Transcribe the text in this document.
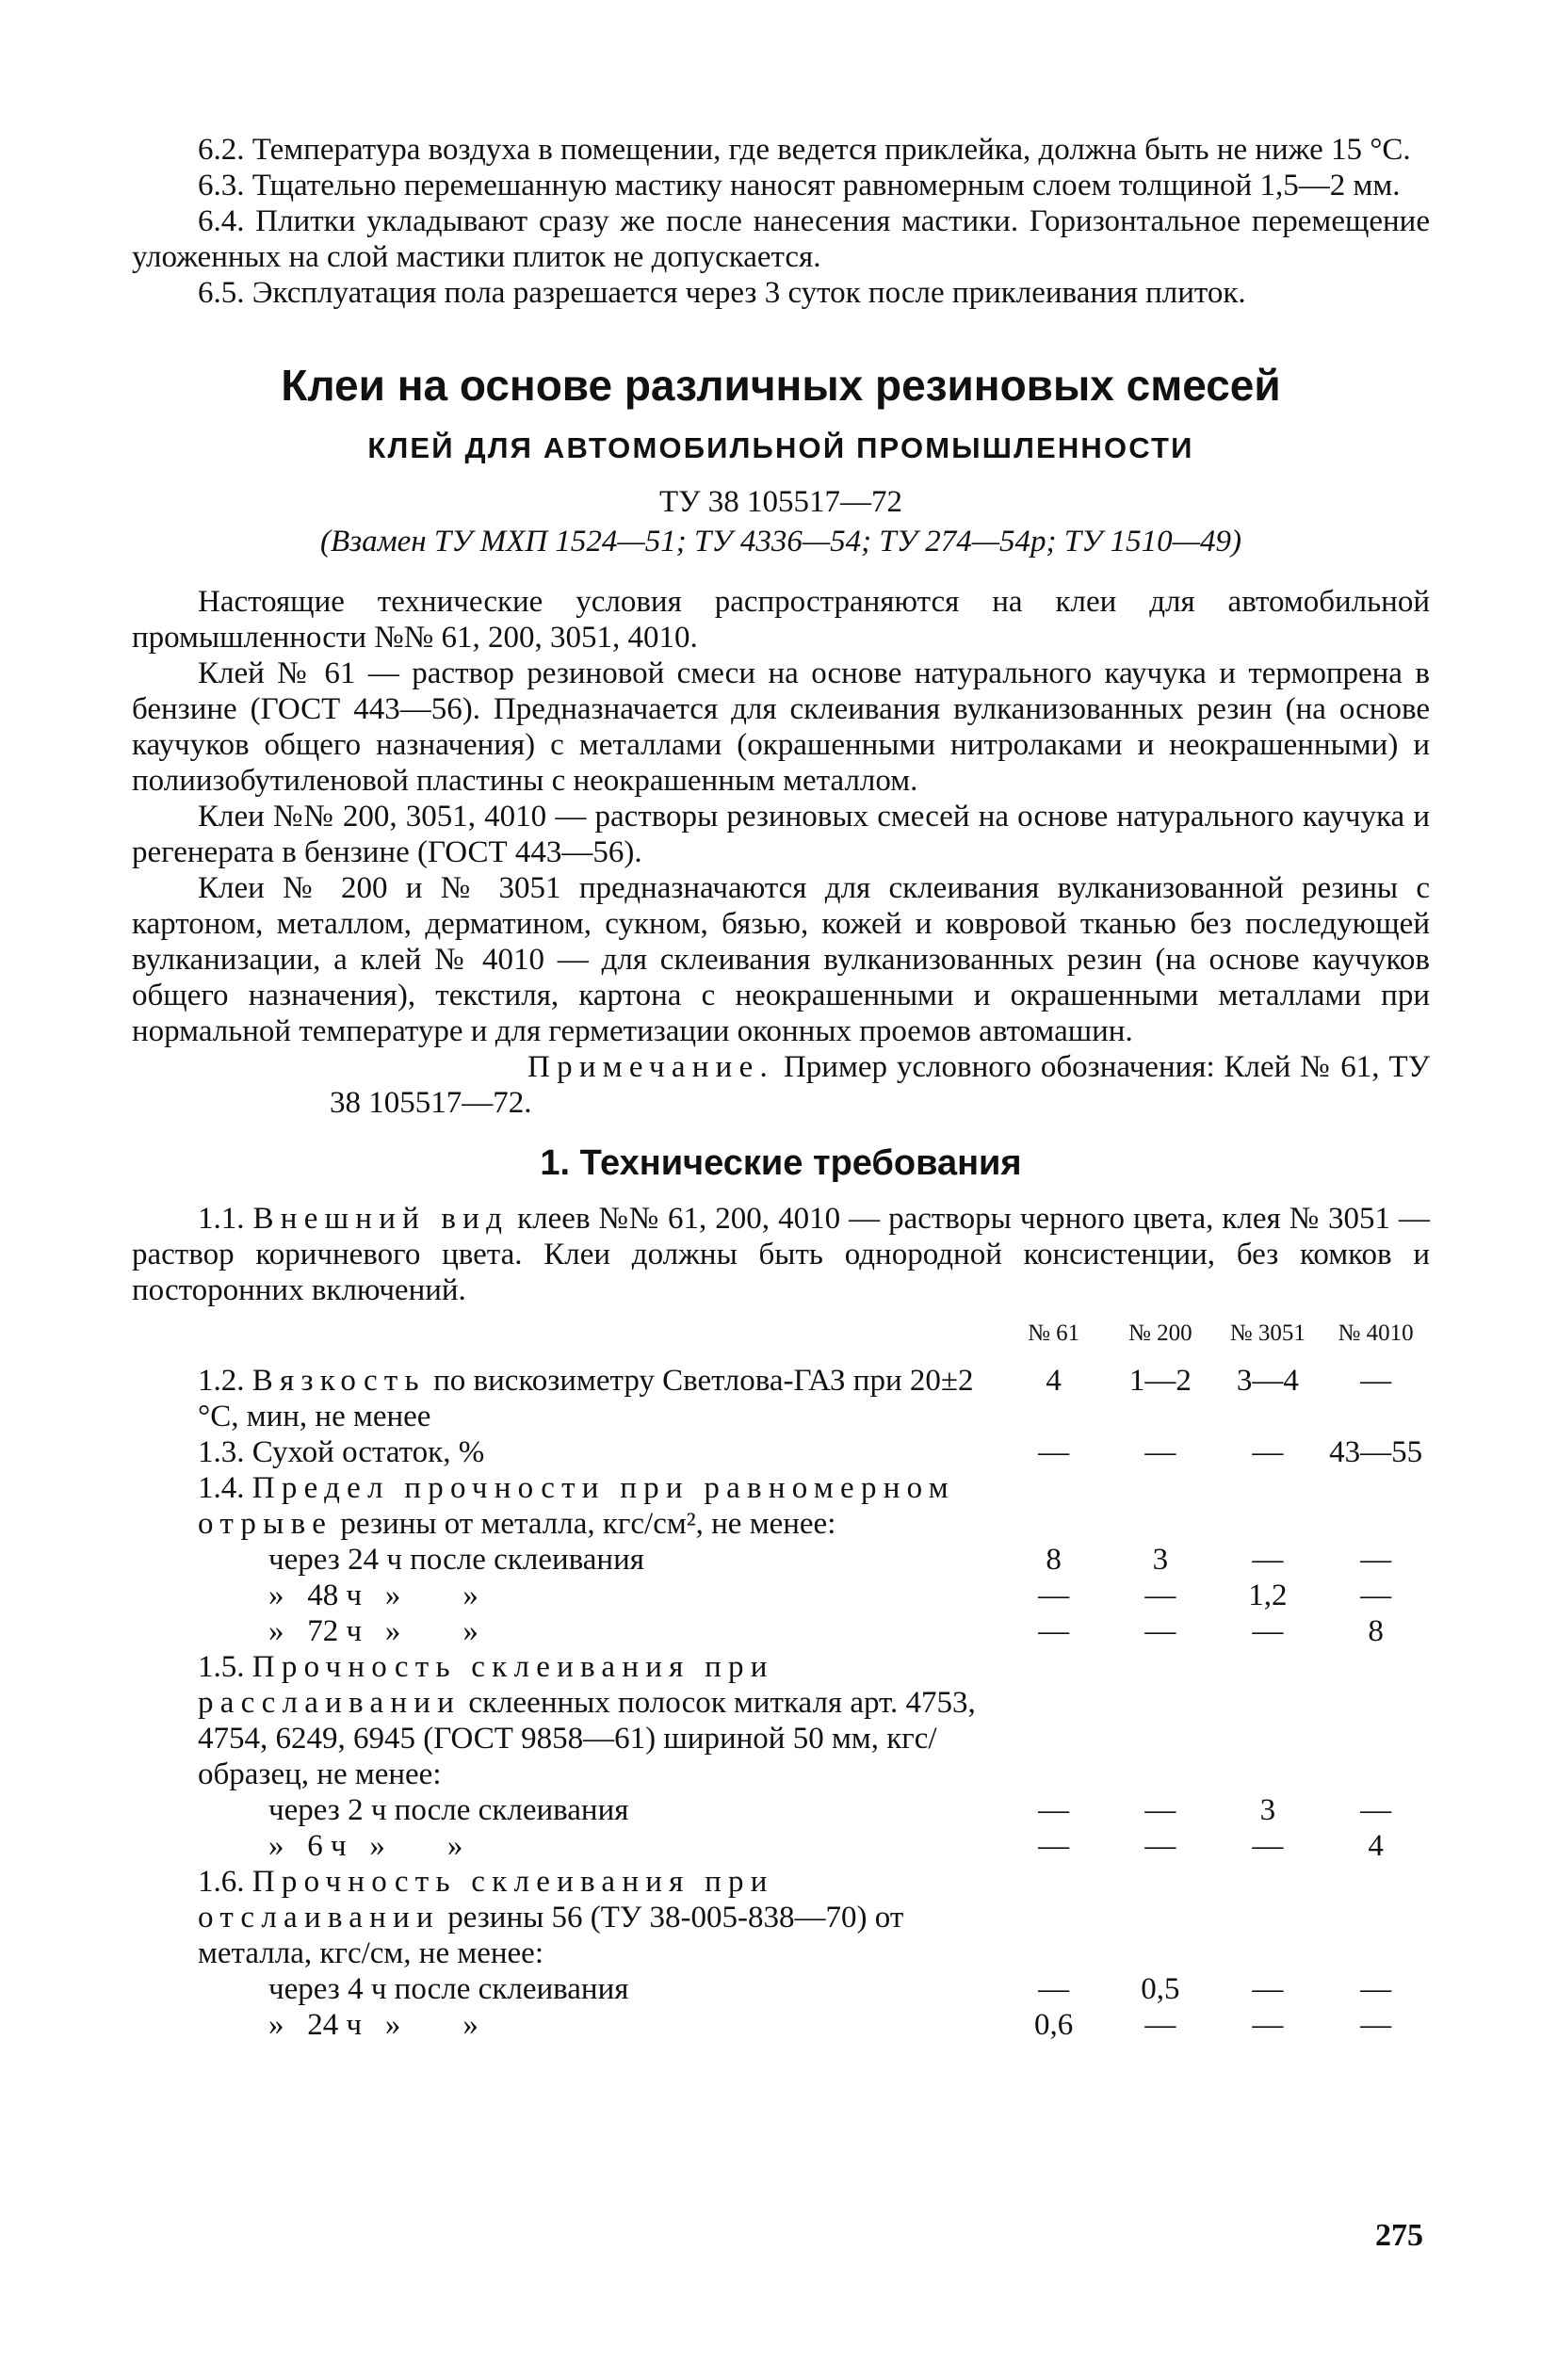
6.2. Температура воздуха в помещении, где ведется приклейка, должна быть не ниже 15 °С.

6.3. Тщательно перемешанную мастику наносят равномерным слоем толщиной 1,5—2 мм.

6.4. Плитки укладывают сразу же после нанесения мастики. Горизонтальное перемещение уложенных на слой мастики плиток не допускается.

6.5. Эксплуатация пола разрешается через 3 суток после приклеивания плиток.

Клеи на основе различных резиновых смесей
КЛЕЙ ДЛЯ АВТОМОБИЛЬНОЙ ПРОМЫШЛЕННОСТИ
ТУ 38 105517—72
(Взамен ТУ МХП 1524—51; ТУ 4336—54; ТУ 274—54р; ТУ 1510—49)

Настоящие технические условия распространяются на клеи для автомобильной промышленности №№ 61, 200, 3051, 4010.

Клей № 61 — раствор резиновой смеси на основе натурального каучука и термопрена в бензине (ГОСТ 443—56). Предназначается для склеивания вулканизованных резин (на основе каучуков общего назначения) с металлами (окрашенными нитролаками и неокрашенными) и полиизобутиленовой пластины с неокрашенным металлом.

Клеи №№ 200, 3051, 4010 — растворы резиновых смесей на основе натурального каучука и регенерата в бензине (ГОСТ 443—56).

Клеи № 200 и № 3051 предназначаются для склеивания вулканизованной резины с картоном, металлом, дерматином, сукном, бязью, кожей и ковровой тканью без последующей вулканизации, а клей № 4010 — для склеивания вулканизованных резин (на основе каучуков общего назначения), текстиля, картона с неокрашенными и окрашенными металлами при нормальной температуре и для герметизации оконных проемов автомашин.

Примечание. Пример условного обозначения: Клей № 61, ТУ 38 105517—72.

1. Технические требования

1.1. Внешний вид клеев №№ 61, 200, 4010 — растворы черного цвета, клея № 3051 — раствор коричневого цвета. Клеи должны быть однородной консистенции, без комков и посторонних включений.

	№ 61	№ 200	№ 3051	№ 4010
1.2. Вязкость по вискозиметру Светлова-ГАЗ при 20±2 °С, мин, не менее	4	1—2	3—4	—
1.3. Сухой остаток, %	—	—	—	43—55
1.4. Предел прочности при равномерном отрыве резины от металла, кгс/см², не менее:				
через 24 ч после склеивания	8	3	—	—
»   48 ч   »        »	—	—	1,2	—
»   72 ч   »        »	—	—	—	8
1.5. Прочность склеивания при расслаивании склеенных полосок миткаля арт. 4753, 4754, 6249, 6945 (ГОСТ 9858—61) шириной 50 мм, кгс/образец, не менее:				
через 2 ч после склеивания	—	—	3	—
»   6 ч   »        »	—	—	—	4
1.6. Прочность склеивания при отслаивании резины 56 (ТУ 38-005-838—70) от металла, кгс/см, не менее:				
через 4 ч после склеивания	—	0,5	—	—
»   24 ч   »        »	0,6	—	—	—
275
